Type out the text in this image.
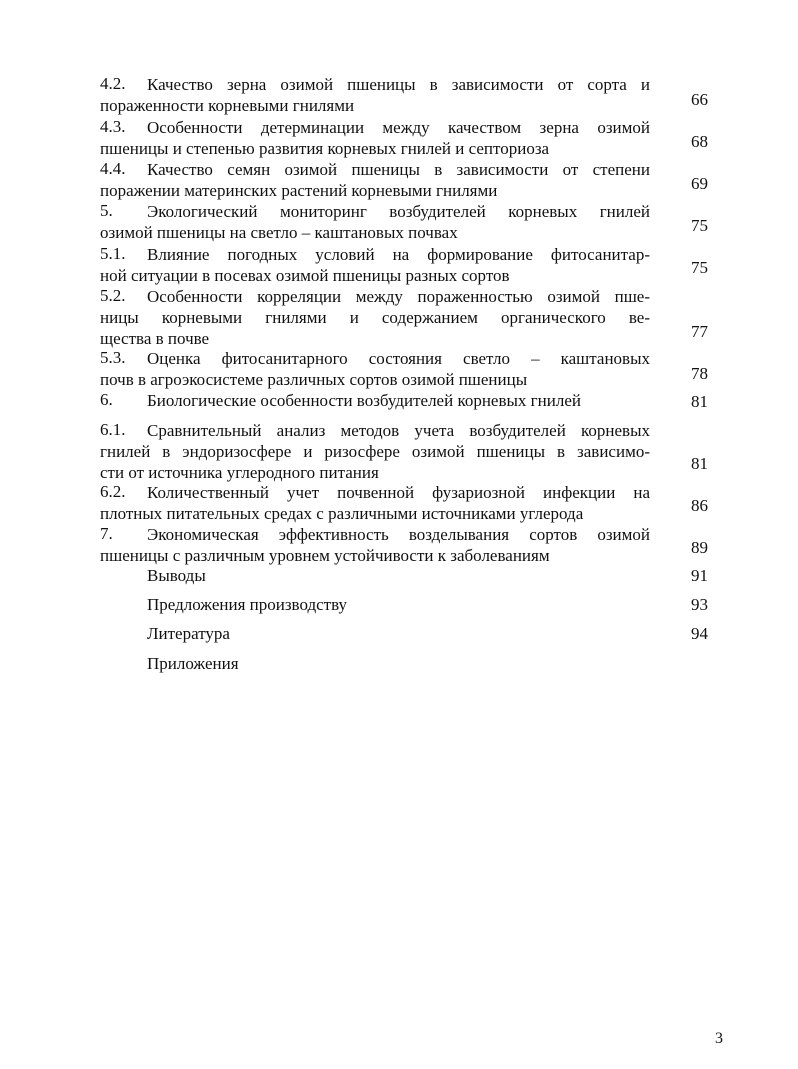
4.2.	Качество зерна озимой пшеницы в зависимости от сорта и
пораженности корневыми гнилями	66
4.3.	Особенности детерминации между качеством зерна озимой
пшеницы и степенью развития корневых гнилей и септориоза	68
4.4.	Качество семян озимой пшеницы в зависимости от степени
поражении материнских растений корневыми гнилями	69
5.	Экологический мониторинг возбудителей корневых гнилей
озимой пшеницы на светло – каштановых почвах	75
5.1.	Влияние погодных условий на формирование фитосанитар-
ной ситуации в посевах озимой пшеницы разных сортов	75
5.2.	Особенности корреляции между пораженностью озимой пше-
ницы корневыми гнилями и содержанием органического ве-
щества в почве	77
5.3.	Оценка фитосанитарного состояния светло – каштановых
почв в агроэкосистеме различных сортов озимой пшеницы	78
6.	Биологические особенности возбудителей корневых гнилей	81
6.1.	Сравнительный анализ методов учета возбудителей корневых
гнилей в эндоризосфере и ризосфере озимой пшеницы в зависимо-
сти от источника углеродного питания	81
6.2.	Количественный учет почвенной фузариозной инфекции на
плотных питательных средах с различными источниками углерода	86
7.	Экономическая эффективность возделывания сортов озимой
пшеницы с различным уровнем устойчивости к заболеваниям	89
Выводы	91
Предложения производству	93
Литература	94
Приложения
3
